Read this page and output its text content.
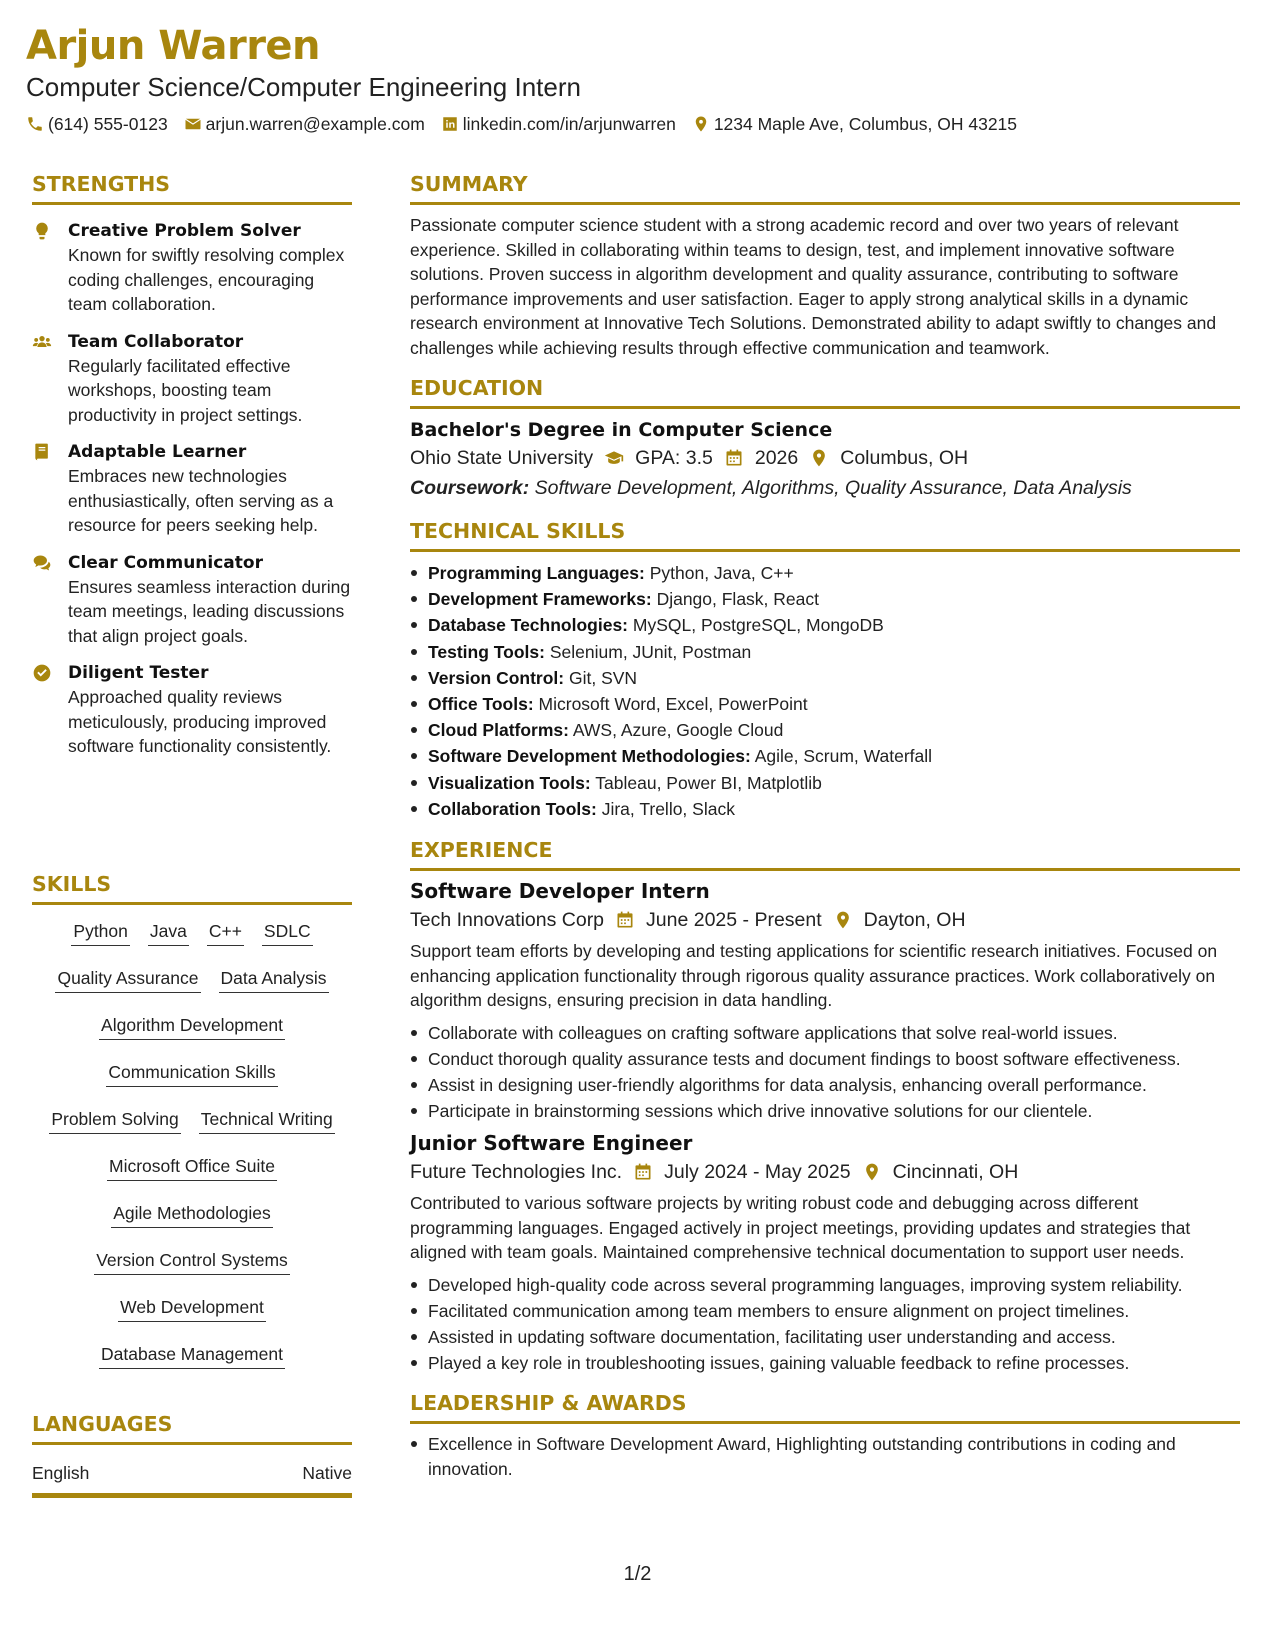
Arjun Warren
Computer Science/Computer Engineering Intern
(614) 555-0123 arjun.warren@example.com linkedin.com/in/arjunwarren 1234 Maple Ave, Columbus, OH 43215
STRENGTHS
Creative Problem Solver
Known for swiftly resolving complex coding challenges, encouraging team collaboration.
Team Collaborator
Regularly facilitated effective workshops, boosting team productivity in project settings.
Adaptable Learner
Embraces new technologies enthusiastically, often serving as a resource for peers seeking help.
Clear Communicator
Ensures seamless interaction during team meetings, leading discussions that align project goals.
Diligent Tester
Approached quality reviews meticulously, producing improved software functionality consistently.
SKILLS
Python Java C++ SDLC
Quality Assurance Data Analysis
Algorithm Development
Communication Skills
Problem Solving Technical Writing
Microsoft Office Suite
Agile Methodologies
Version Control Systems
Web Development
Database Management
LANGUAGES
English	Native
SUMMARY
Passionate computer science student with a strong academic record and over two years of relevant experience. Skilled in collaborating within teams to design, test, and implement innovative software solutions. Proven success in algorithm development and quality assurance, contributing to software performance improvements and user satisfaction. Eager to apply strong analytical skills in a dynamic research environment at Innovative Tech Solutions. Demonstrated ability to adapt swiftly to changes and challenges while achieving results through effective communication and teamwork.
EDUCATION
Bachelor's Degree in Computer Science
Ohio State University GPA: 3.5 2026 Columbus, OH
Coursework: Software Development, Algorithms, Quality Assurance, Data Analysis
TECHNICAL SKILLS
Programming Languages: Python, Java, C++
Development Frameworks: Django, Flask, React
Database Technologies: MySQL, PostgreSQL, MongoDB
Testing Tools: Selenium, JUnit, Postman
Version Control: Git, SVN
Office Tools: Microsoft Word, Excel, PowerPoint
Cloud Platforms: AWS, Azure, Google Cloud
Software Development Methodologies: Agile, Scrum, Waterfall
Visualization Tools: Tableau, Power BI, Matplotlib
Collaboration Tools: Jira, Trello, Slack
EXPERIENCE
Software Developer Intern
Tech Innovations Corp June 2025 - Present Dayton, OH
Support team efforts by developing and testing applications for scientific research initiatives. Focused on enhancing application functionality through rigorous quality assurance practices. Work collaboratively on algorithm designs, ensuring precision in data handling.
Collaborate with colleagues on crafting software applications that solve real-world issues.
Conduct thorough quality assurance tests and document findings to boost software effectiveness.
Assist in designing user-friendly algorithms for data analysis, enhancing overall performance.
Participate in brainstorming sessions which drive innovative solutions for our clientele.
Junior Software Engineer
Future Technologies Inc. July 2024 - May 2025 Cincinnati, OH
Contributed to various software projects by writing robust code and debugging across different programming languages. Engaged actively in project meetings, providing updates and strategies that aligned with team goals. Maintained comprehensive technical documentation to support user needs.
Developed high-quality code across several programming languages, improving system reliability.
Facilitated communication among team members to ensure alignment on project timelines.
Assisted in updating software documentation, facilitating user understanding and access.
Played a key role in troubleshooting issues, gaining valuable feedback to refine processes.
LEADERSHIP & AWARDS
Excellence in Software Development Award, Highlighting outstanding contributions in coding and innovation.
1/2
